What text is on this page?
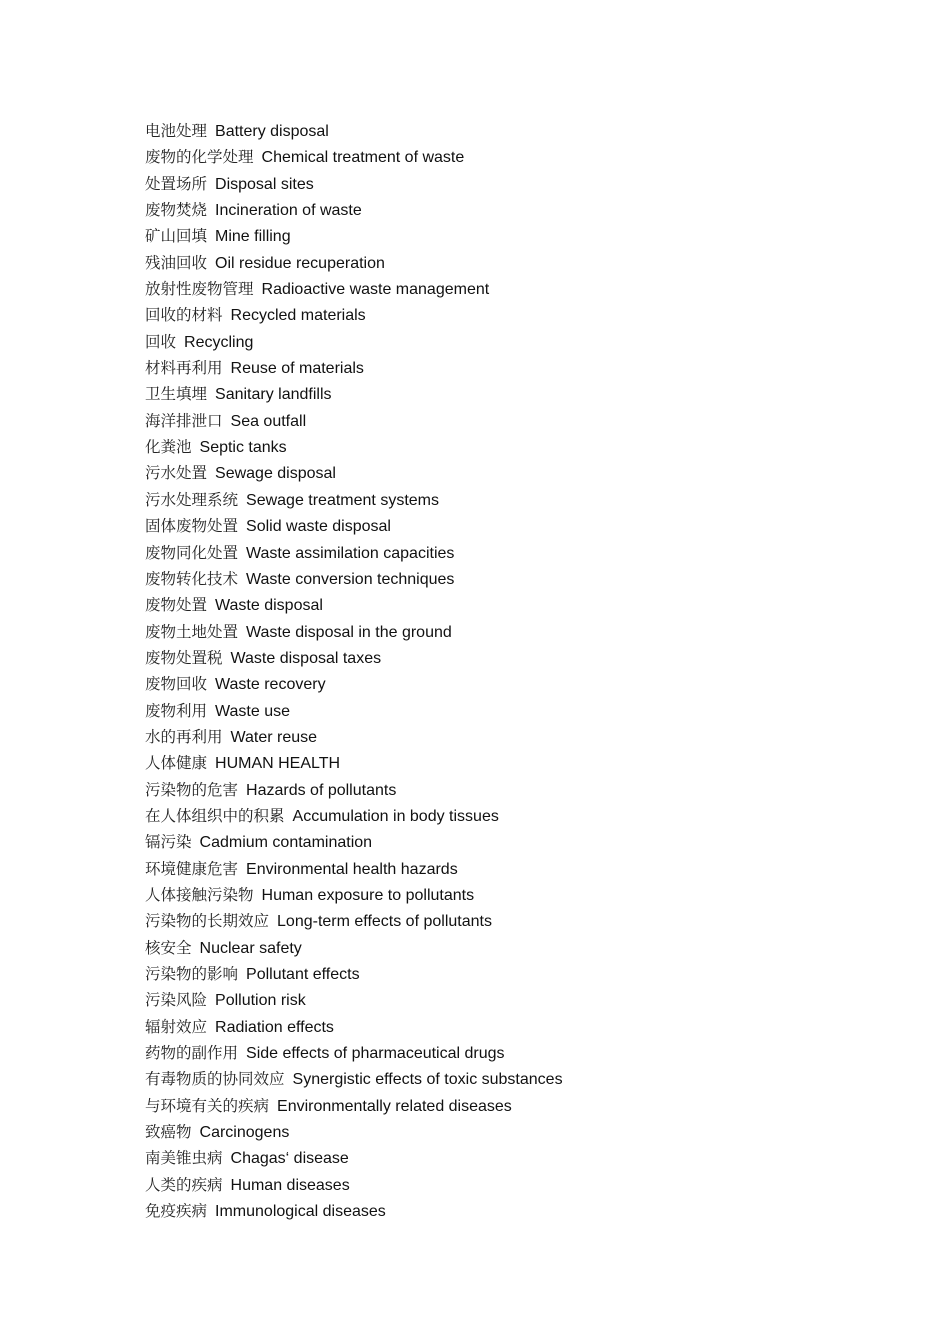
电池处理 Battery disposal
废物的化学处理 Chemical treatment of waste
处置场所 Disposal sites
废物焚烧 Incineration of waste
矿山回填 Mine filling
残油回收 Oil residue recuperation
放射性废物管理 Radioactive waste management
回收的材料 Recycled materials
回收 Recycling
材料再利用 Reuse of materials
卫生填埋 Sanitary landfills
海洋排泄口 Sea outfall
化粪池 Septic tanks
污水处置 Sewage disposal
污水处理系统 Sewage treatment systems
固体废物处置 Solid waste disposal
废物同化处置 Waste assimilation capacities
废物转化技术 Waste conversion techniques
废物处置 Waste disposal
废物土地处置 Waste disposal in the ground
废物处置税 Waste disposal taxes
废物回收 Waste recovery
废物利用 Waste use
水的再利用 Water reuse
人体健康 HUMAN HEALTH
污染物的危害 Hazards of pollutants
在人体组织中的积累 Accumulation in body tissues
镉污染 Cadmium contamination
环境健康危害 Environmental health hazards
人体接触污染物 Human exposure to pollutants
污染物的长期效应 Long-term effects of pollutants
核安全 Nuclear safety
污染物的影响 Pollutant effects
污染风险 Pollution risk
辐射效应 Radiation effects
药物的副作用 Side effects of pharmaceutical drugs
有毒物质的协同效应 Synergistic effects of toxic substances
与环境有关的疾病 Environmentally related diseases
致癌物 Carcinogens
南美锥虫病 Chagas‘ disease
人类的疾病 Human diseases
免疫疾病 Immunological diseases
